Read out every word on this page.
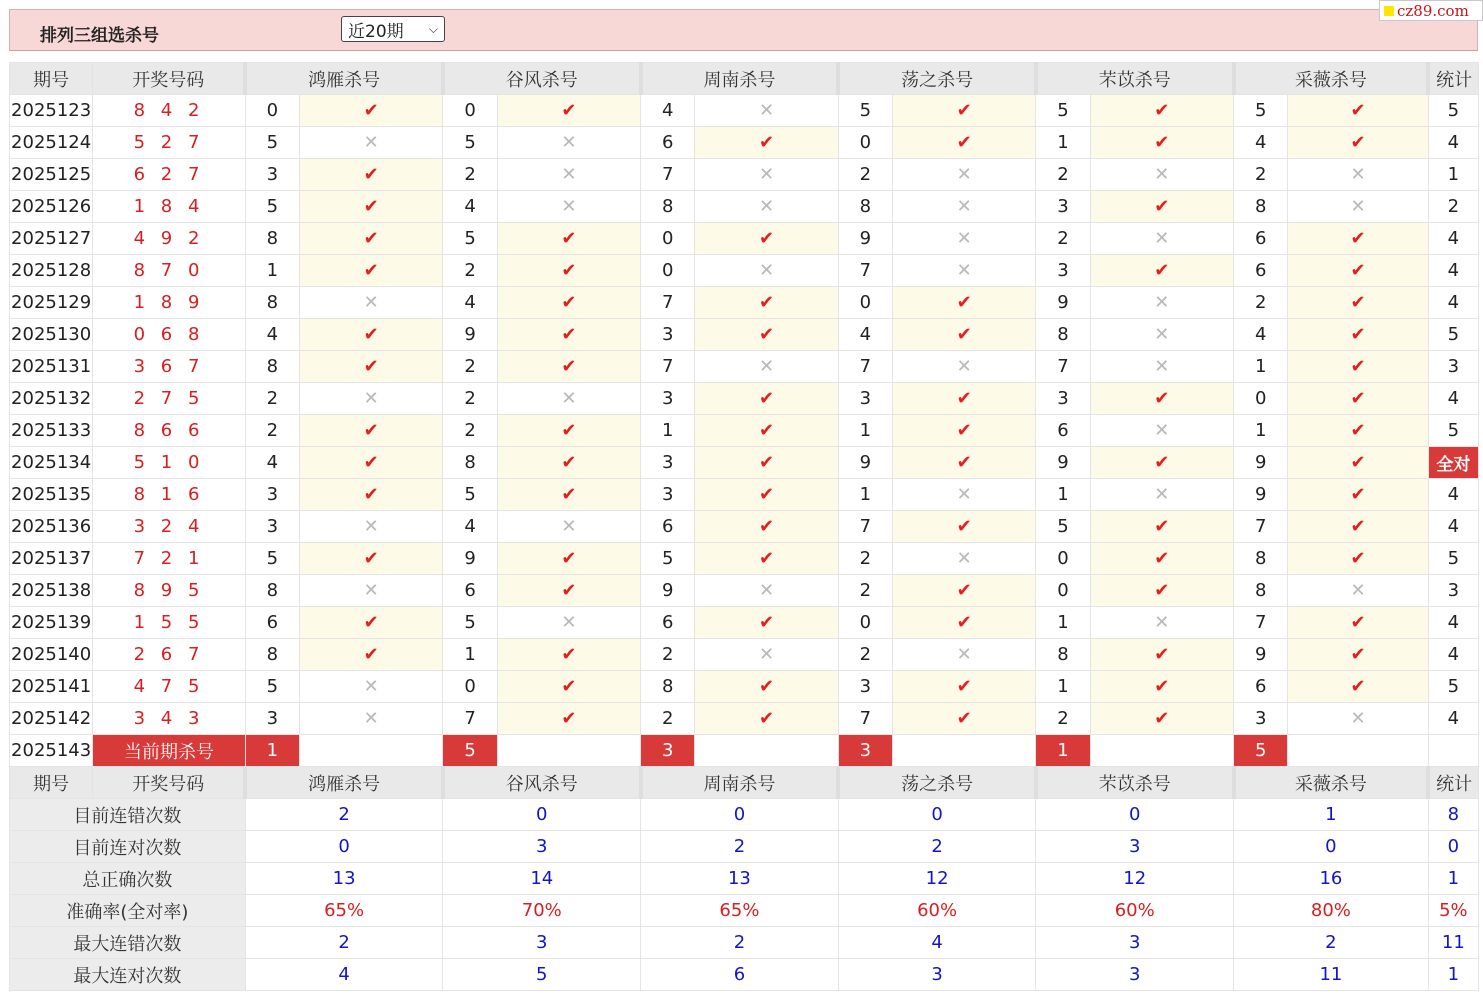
排列三组选杀号	近20期 ⌵
cz89.com
期号	开奖号码	鸿雁杀号		谷风杀号		周南杀号		荡之杀号		芣苡杀号		采薇杀号		统计
2025123	8 4 2	0	✔	0	✔	4	✕	5	✔	5	✔	5	✔	5
2025124	5 2 7	5	✕	5	✕	6	✔	0	✔	1	✔	4	✔	4
2025125	6 2 7	3	✔	2	✕	7	✕	2	✕	2	✕	2	✕	1
2025126	1 8 4	5	✔	4	✕	8	✕	8	✕	3	✔	8	✕	2
2025127	4 9 2	8	✔	5	✔	0	✔	9	✕	2	✕	6	✔	4
2025128	8 7 0	1	✔	2	✔	0	✕	7	✕	3	✔	6	✔	4
2025129	1 8 9	8	✕	4	✔	7	✔	0	✔	9	✕	2	✔	4
2025130	0 6 8	4	✔	9	✔	3	✔	4	✔	8	✕	4	✔	5
2025131	3 6 7	8	✔	2	✔	7	✕	7	✕	7	✕	1	✔	3
2025132	2 7 5	2	✕	2	✕	3	✔	3	✔	3	✔	0	✔	4
2025133	8 6 6	2	✔	2	✔	1	✔	1	✔	6	✕	1	✔	5
2025134	5 1 0	4	✔	8	✔	3	✔	9	✔	9	✔	9	✔	全对
2025135	8 1 6	3	✔	5	✔	3	✔	1	✕	1	✕	9	✔	4
2025136	3 2 4	3	✕	4	✕	6	✔	7	✔	5	✔	7	✔	4
2025137	7 2 1	5	✔	9	✔	5	✔	2	✕	0	✔	8	✔	5
2025138	8 9 5	8	✕	6	✔	9	✕	2	✔	0	✔	8	✕	3
2025139	1 5 5	6	✔	5	✕	6	✔	0	✔	1	✕	7	✔	4
2025140	2 6 7	8	✔	1	✔	2	✕	2	✕	8	✔	9	✔	4
2025141	4 7 5	5	✕	0	✔	8	✔	3	✔	1	✔	6	✔	5
2025142	3 4 3	3	✕	7	✔	2	✔	7	✔	2	✔	3	✕	4
2025143	当前期杀号	1		5		3		3		1		5		
期号	开奖号码	鸿雁杀号		谷风杀号		周南杀号		荡之杀号		芣苡杀号		采薇杀号		统计
目前连错次数		2		0		0		0		0		1		8
目前连对次数		0		3		2		2		3		0		0
总正确次数		13		14		13		12		12		16		1
准确率(全对率)		65%		70%		65%		60%		60%		80%		5%
最大连错次数		2		3		2		4		3		2		11
最大连对次数		4		5		6		3		3		11		1
